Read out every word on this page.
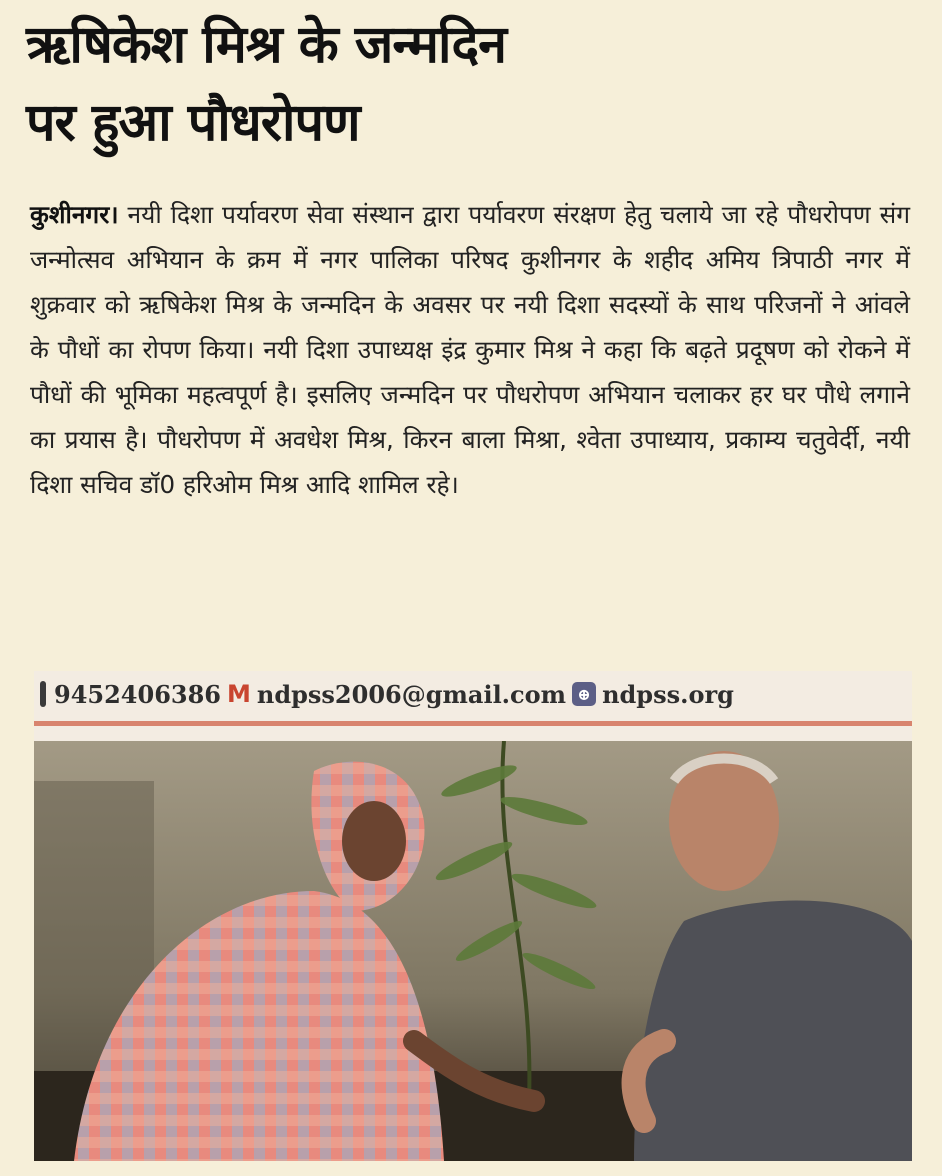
ऋषिकेश मिश्र के जन्मदिन
पर हुआ पौधरोपण
कुशीनगर। नयी दिशा पर्यावरण सेवा संस्थान द्वारा पर्यावरण संरक्षण हेतु चलाये जा रहे पौधरोपण संग जन्मोत्सव अभियान के क्रम में नगर पालिका परिषद कुशीनगर के शहीद अमिय त्रिपाठी नगर में शुक्रवार को ऋषिकेश मिश्र के जन्मदिन के अवसर पर नयी दिशा सदस्यों के साथ परिजनों ने आंवले के पौधों का रोपण किया। नयी दिशा उपाध्यक्ष इंद्र कुमार मिश्र ने कहा कि बढ़ते प्रदूषण को रोकने में पौधों की भूमिका महत्वपूर्ण है। इसलिए जन्मदिन पर पौधरोपण अभियान चलाकर हर घर पौधे लगाने का प्रयास है। पौधरोपण में अवधेश मिश्र, किरन बाला मिश्रा, श्वेता उपाध्याय, प्रकाम्य चतुवेर्दी, नयी दिशा सचिव डॉ0 हरिओम मिश्र आदि शामिल रहे।
9452406386 M ndpss2006@gmail.com ⊕ ndpss.org
